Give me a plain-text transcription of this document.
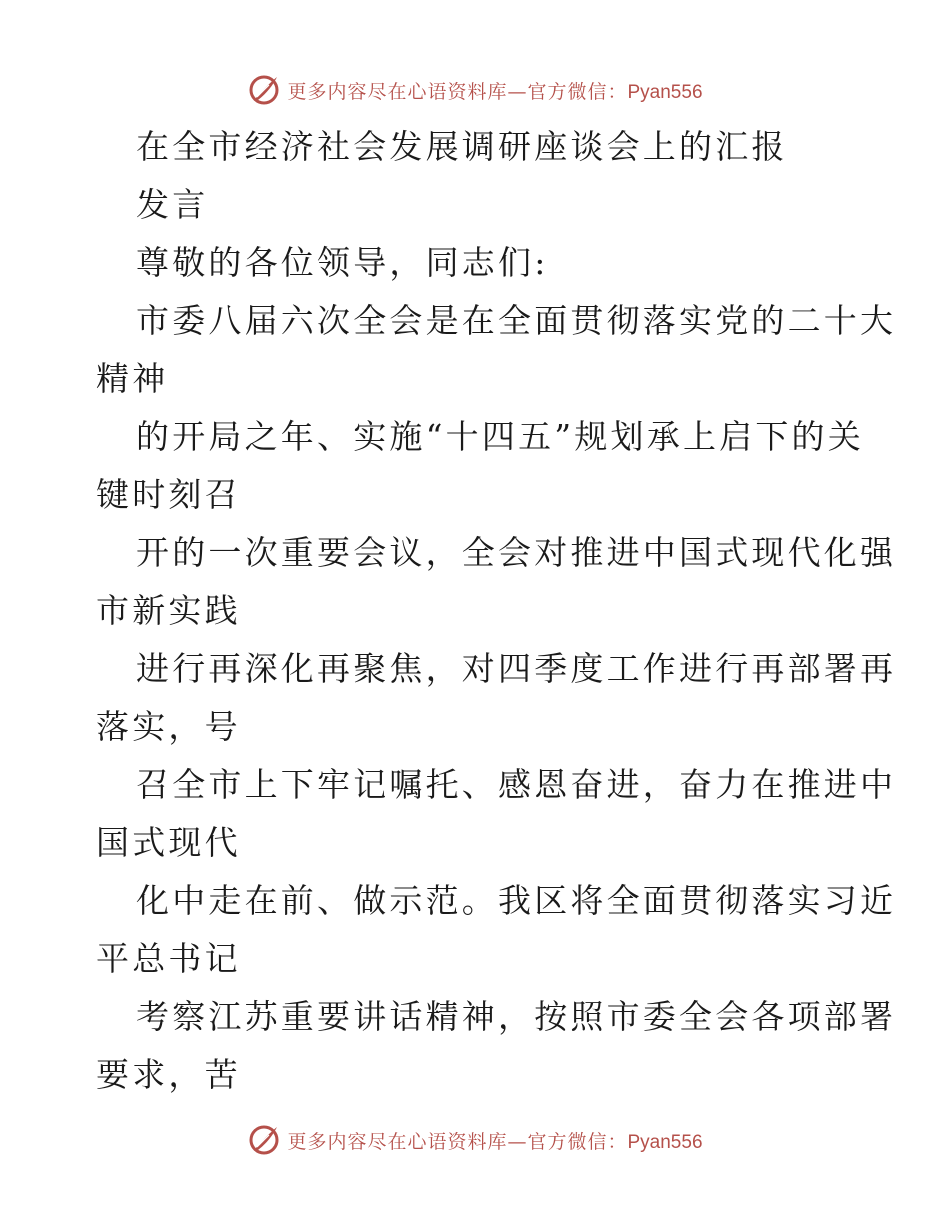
更多内容尽在心语资料库—官方微信：Pyan556
在全市经济社会发展调研座谈会上的汇报
发言
尊敬的各位领导，同志们:
市委八届六次全会是在全面贯彻落实党的二十大
精神
的开局之年、实施“十四五”规划承上启下的关
键时刻召
开的一次重要会议，全会对推进中国式现代化强
市新实践
进行再深化再聚焦，对四季度工作进行再部署再
落实，号
召全市上下牢记嘱托、感恩奋进，奋力在推进中
国式现代
化中走在前、做示范。我区将全面贯彻落实习近
平总书记
考察江苏重要讲话精神，按照市委全会各项部署
要求，苦
更多内容尽在心语资料库—官方微信：Pyan556
